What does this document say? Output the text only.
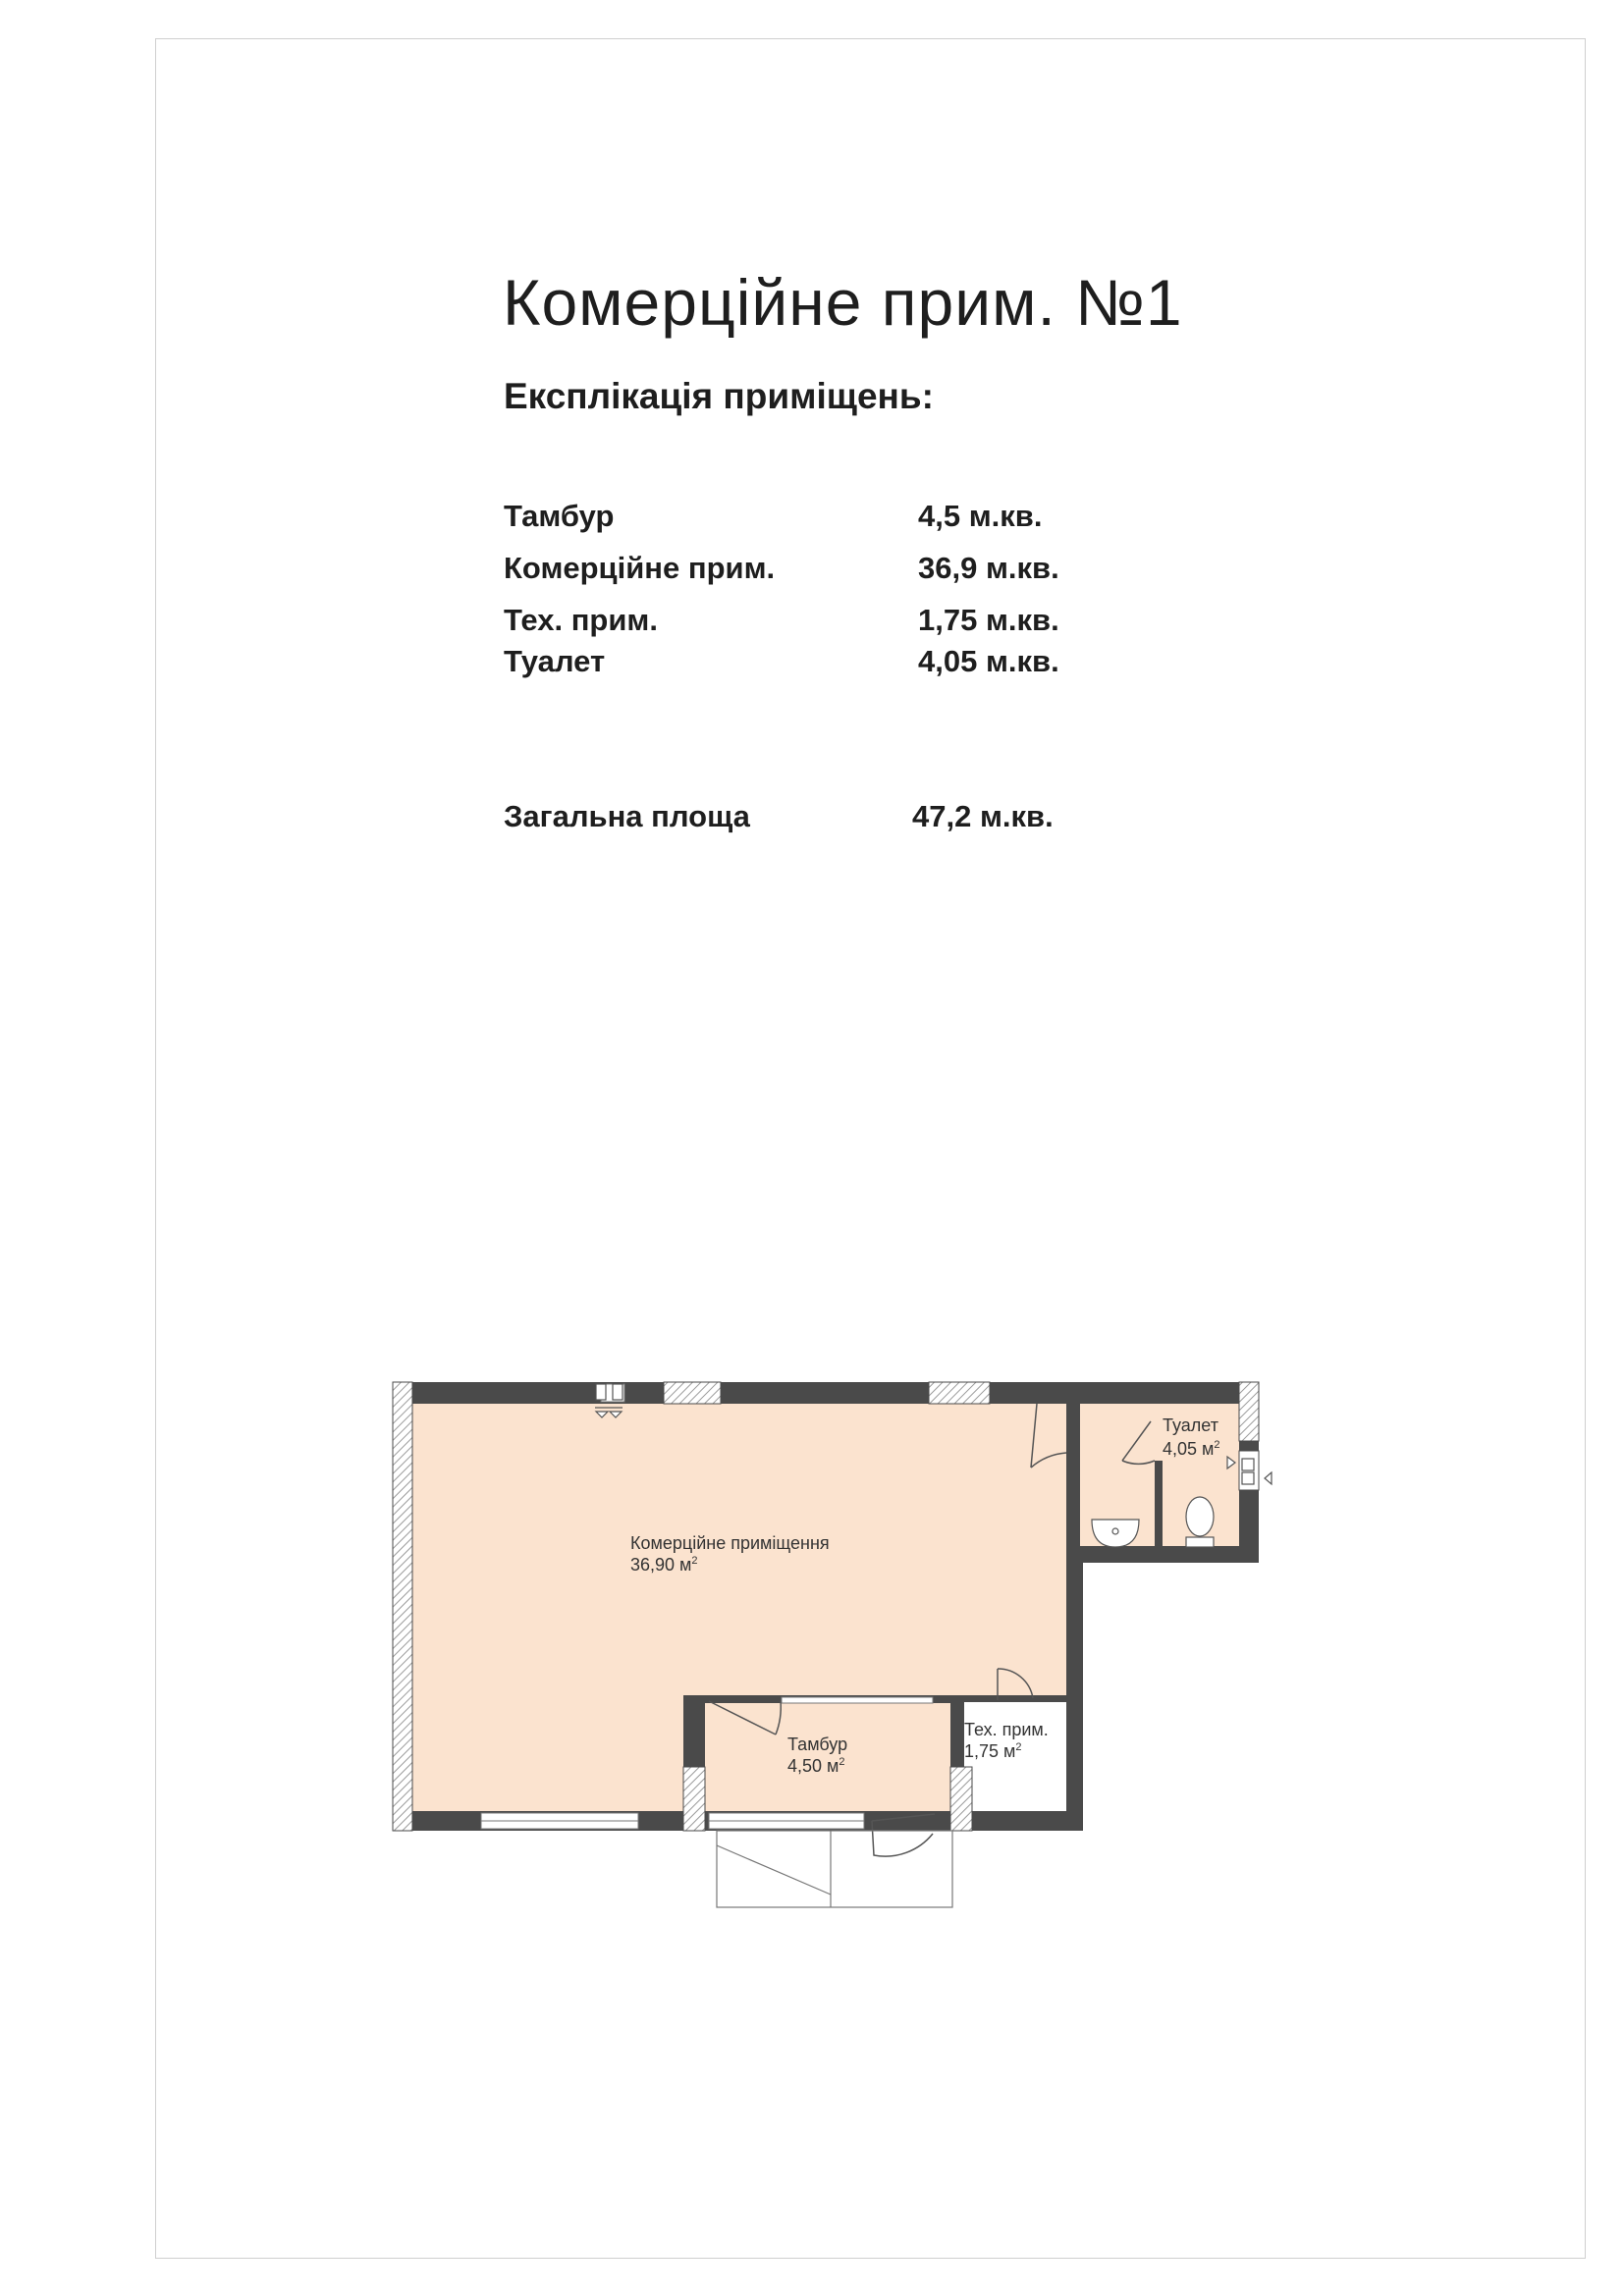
Комерційне прим. №1
Експлікація приміщень:
Тамбур	4,5 м.кв.
Комерційне прим.	36,9 м.кв.
Тех. прим.	1,75 м.кв.
Туалет	4,05 м.кв.
Загальна площа	47,2 м.кв.
Комерційне приміщення
36,90 $м^2$
Тамбур
4,50 $м^2$
Тех. прим.
1,75 $м^2$
Туалет
4,05 $м^2$
